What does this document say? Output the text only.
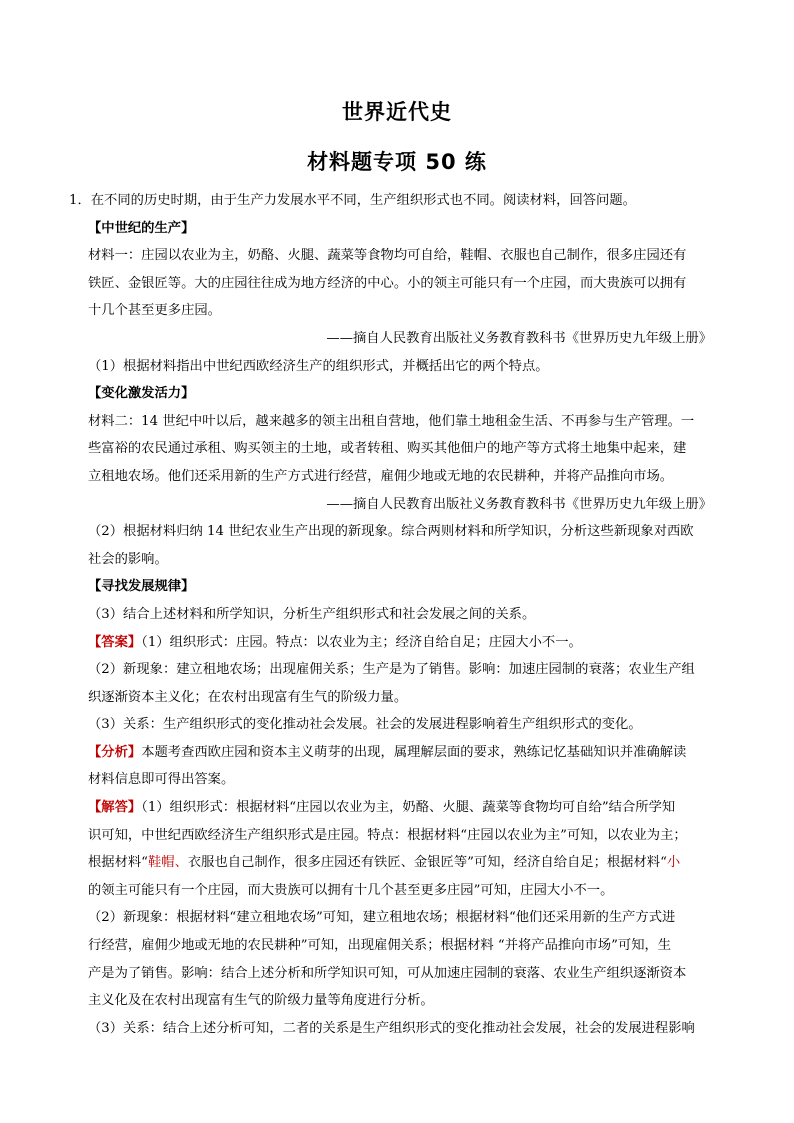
世界近代史
材料题专项 50 练

1．在不同的历史时期，由于生产力发展水平不同，生产组织形式也不同。阅读材料，回答问题。

【中世纪的生产】

材料一：庄园以农业为主，奶酪、火腿、蔬菜等食物均可自给，鞋帽、衣服也自己制作，很多庄园还有

铁匠、金银匠等。大的庄园往往成为地方经济的中心。小的领主可能只有一个庄园，而大贵族可以拥有

十几个甚至更多庄园。

——摘自人民教育出版社义务教育教科书《世界历史九年级上册》

（1）根据材料指出中世纪西欧经济生产的组织形式，并概括出它的两个特点。

【变化激发活力】

材料二：14 世纪中叶以后，越来越多的领主出租自营地，他们靠土地租金生活、不再参与生产管理。一

些富裕的农民通过承租、购买领主的土地，或者转租、购买其他佃户的地产等方式将土地集中起来，建

立租地农场。他们还采用新的生产方式进行经营，雇佣少地或无地的农民耕种，并将产品推向市场。

——摘自人民教育出版社义务教育教科书《世界历史九年级上册》

（2）根据材料归纳 14 世纪农业生产出现的新现象。综合两则材料和所学知识，分析这些新现象对西欧

社会的影响。

【寻找发展规律】

（3）结合上述材料和所学知识，分析生产组织形式和社会发展之间的关系。

【答案】（1）组织形式：庄园。特点：以农业为主；经济自给自足；庄园大小不一。

（2）新现象：建立租地农场；出现雇佣关系；生产是为了销售。影响：加速庄园制的衰落；农业生产组

织逐渐资本主义化；在农村出现富有生气的阶级力量。

（3）关系：生产组织形式的变化推动社会发展。社会的发展进程影响着生产组织形式的变化。

【分析】本题考查西欧庄园和资本主义萌芽的出现，属理解层面的要求，熟练记忆基础知识并准确解读

材料信息即可得出答案。

【解答】（1）组织形式：根据材料“庄园以农业为主，奶酪、火腿、蔬菜等食物均可自给”结合所学知

识可知，中世纪西欧经济生产组织形式是庄园。特点：根据材料“庄园以农业为主”可知，以农业为主；

根据材料“鞋帽、衣服也自己制作，很多庄园还有铁匠、金银匠等”可知，经济自给自足；根据材料“小

的领主可能只有一个庄园，而大贵族可以拥有十几个甚至更多庄园”可知，庄园大小不一。

（2）新现象：根据材料“建立租地农场”可知，建立租地农场；根据材料“他们还采用新的生产方式进

行经营，雇佣少地或无地的农民耕种”可知，出现雇佣关系；根据材料 “并将产品推向市场”可知，生

产是为了销售。影响：结合上述分析和所学知识可知，可从加速庄园制的衰落、农业生产组织逐渐资本

主义化及在农村出现富有生气的阶级力量等角度进行分析。

（3）关系：结合上述分析可知，二者的关系是生产组织形式的变化推动社会发展，社会的发展进程影响
